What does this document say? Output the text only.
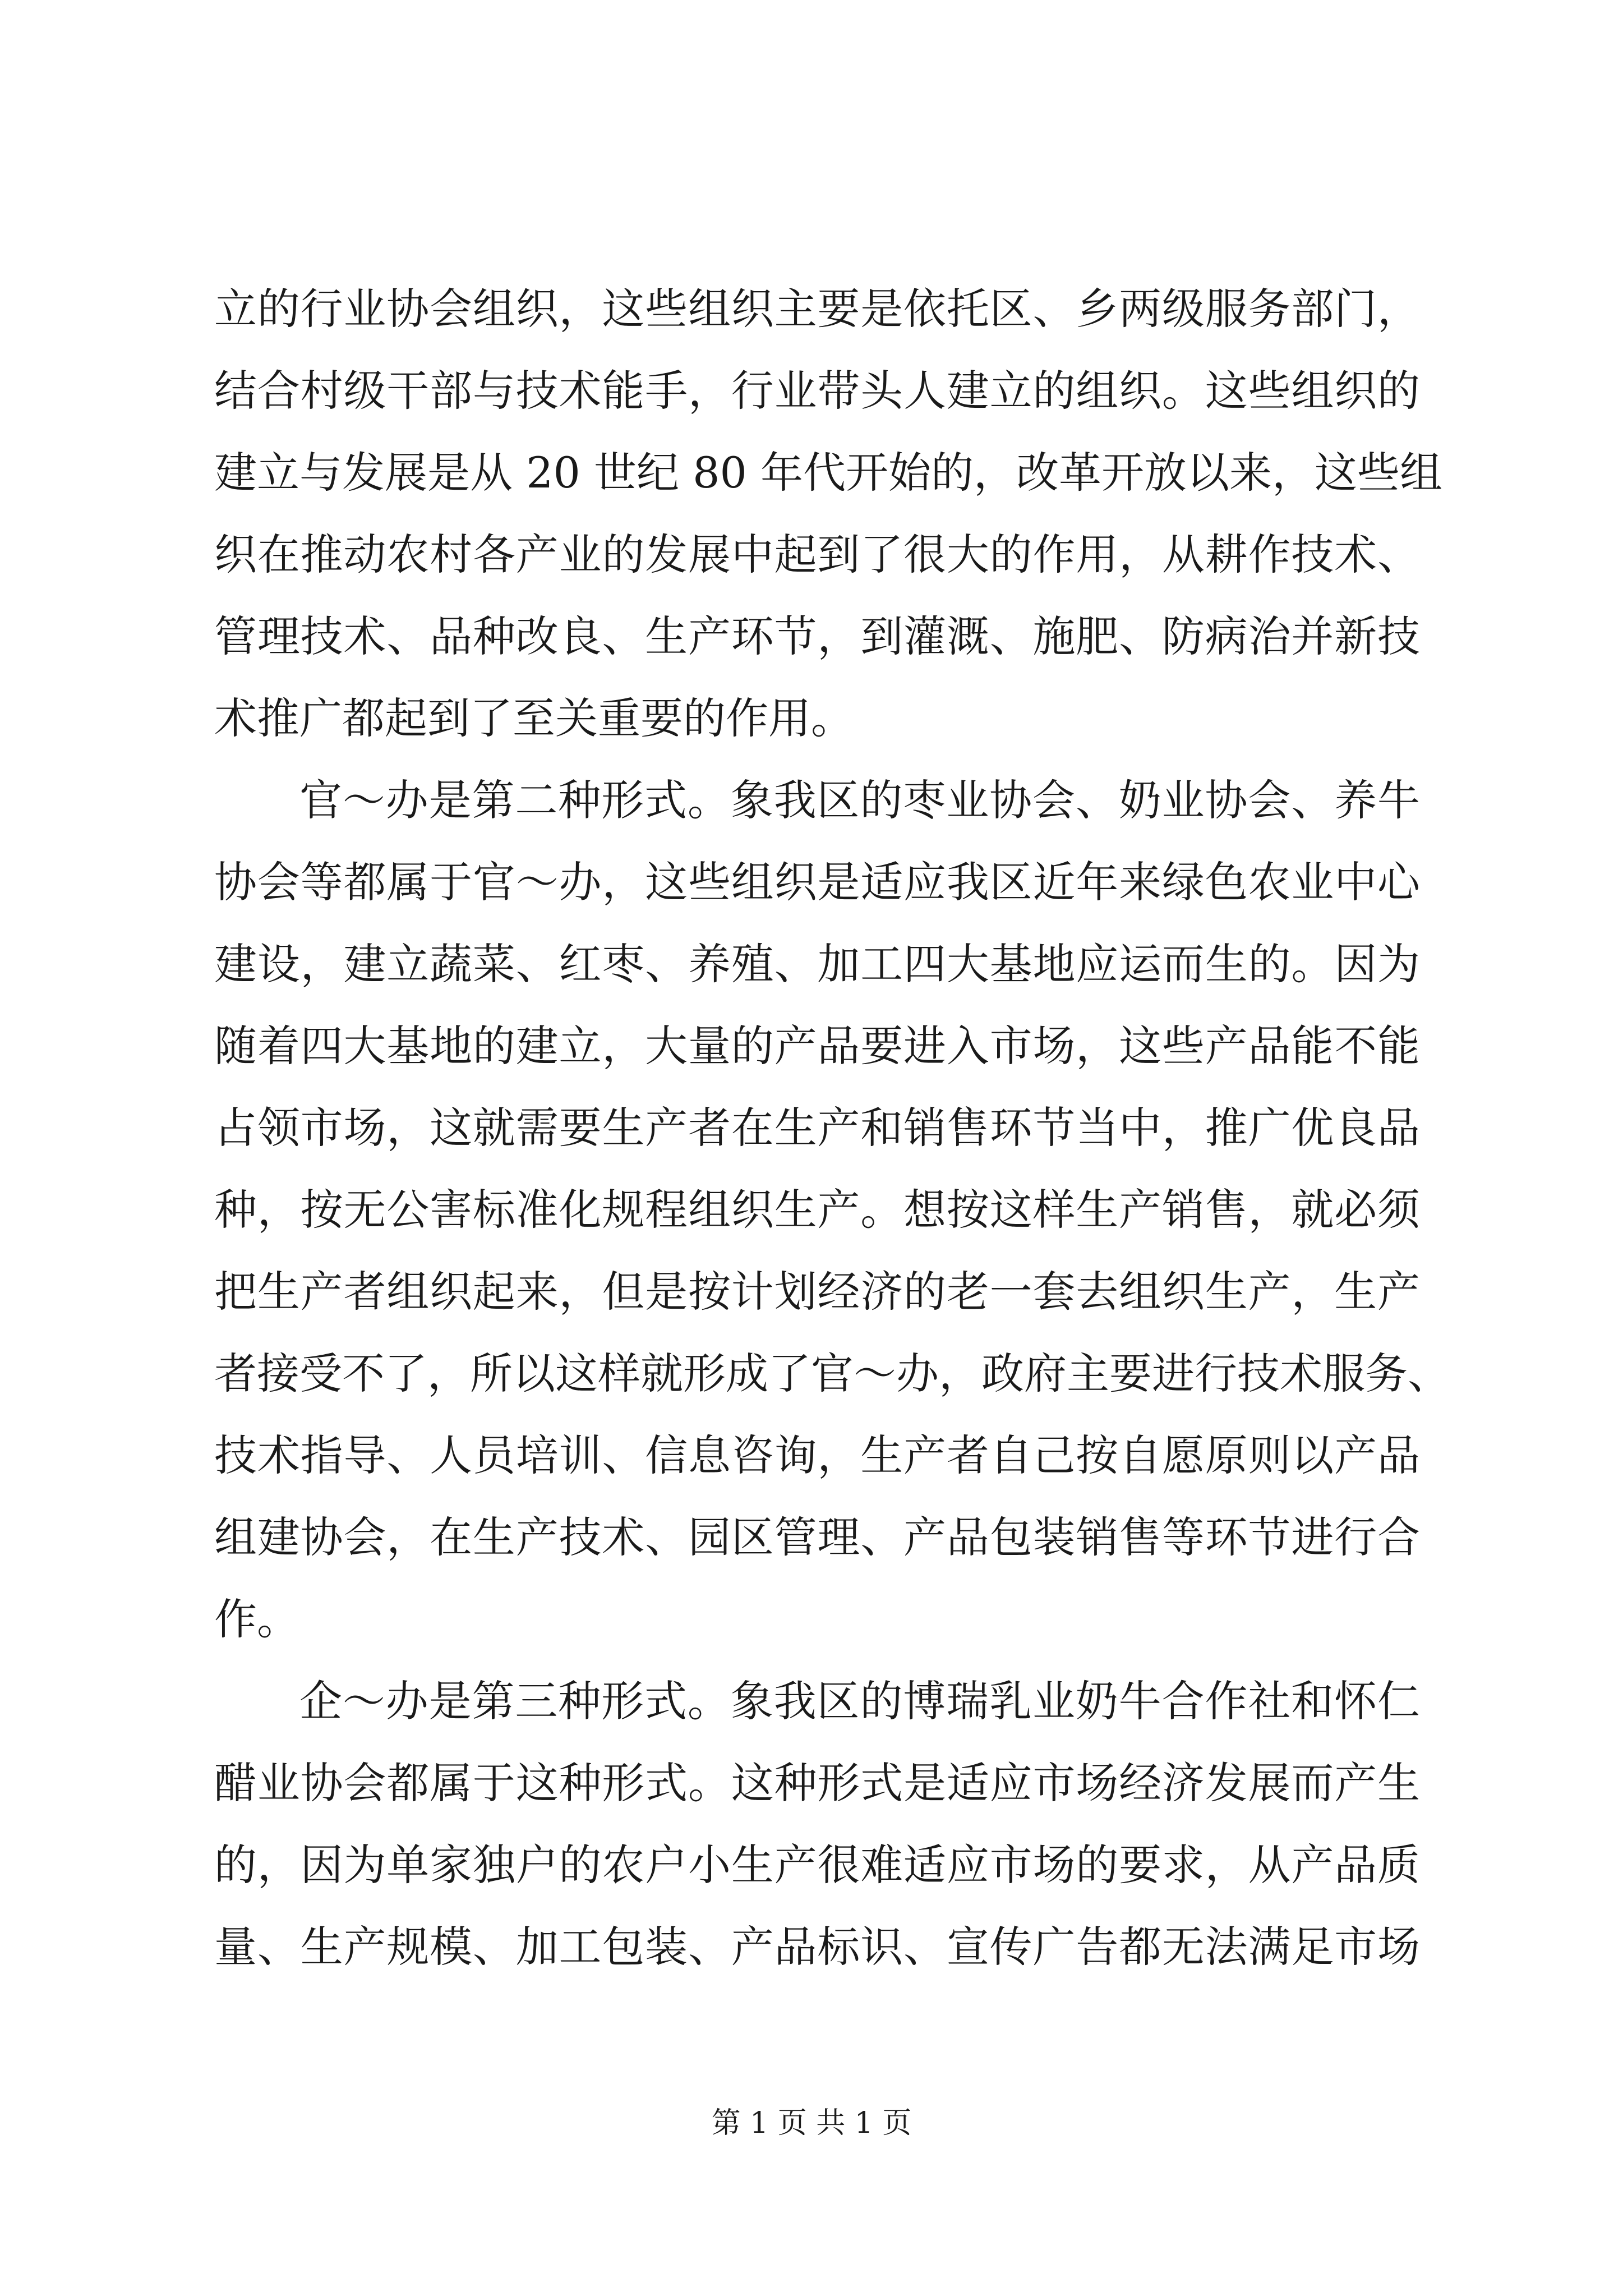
立的行业协会组织，这些组织主要是依托区、乡两级服务部门，
结合村级干部与技术能手，行业带头人建立的组织。这些组织的
建立与发展是从 20 世纪 80 年代开始的，改革开放以来，这些组
织在推动农村各产业的发展中起到了很大的作用，从耕作技术、
管理技术、品种改良、生产环节，到灌溉、施肥、防病治并新技
术推广都起到了至关重要的作用。
官～办是第二种形式。象我区的枣业协会、奶业协会、养牛
协会等都属于官～办，这些组织是适应我区近年来绿色农业中心
建设，建立蔬菜、红枣、养殖、加工四大基地应运而生的。因为
随着四大基地的建立，大量的产品要进入市场，这些产品能不能
占领市场，这就需要生产者在生产和销售环节当中，推广优良品
种，按无公害标准化规程组织生产。想按这样生产销售，就必须
把生产者组织起来，但是按计划经济的老一套去组织生产，生产
者接受不了，所以这样就形成了官～办，政府主要进行技术服务、
技术指导、人员培训、信息咨询，生产者自己按自愿原则以产品
组建协会，在生产技术、园区管理、产品包装销售等环节进行合
作。
企～办是第三种形式。象我区的博瑞乳业奶牛合作社和怀仁
醋业协会都属于这种形式。这种形式是适应市场经济发展而产生
的，因为单家独户的农户小生产很难适应市场的要求，从产品质
量、生产规模、加工包装、产品标识、宣传广告都无法满足市场
第 1 页 共 1 页
